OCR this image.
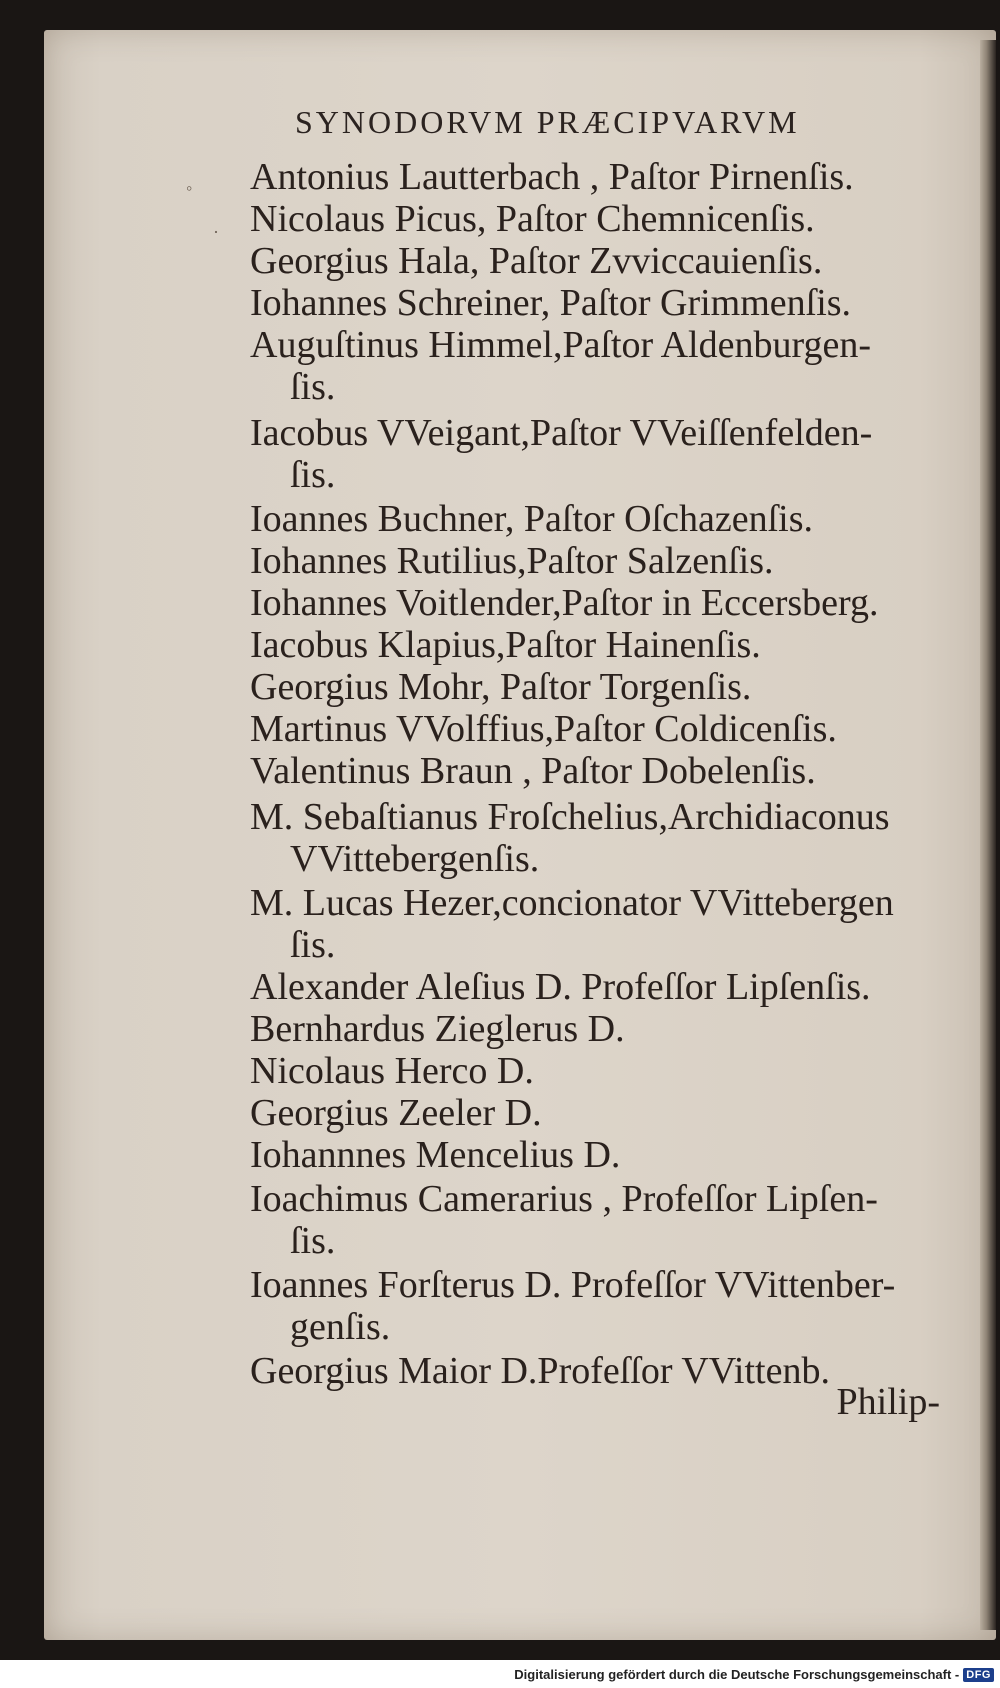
◦
·
SYNODORVM PRÆCIPVARVM
Antonius Lautterbach , Paſtor Pirnenſis.
Nicolaus Picus, Paſtor Chemnicenſis.
Georgius Hala, Paſtor Zvviccauienſis.
Iohannes Schreiner, Paſtor Grimmenſis.
Auguſtinus Himmel,Paſtor Aldenburgen-
ſis.
Iacobus VVeigant,Paſtor VVeiſſenfelden-
ſis.
Ioannes Buchner, Paſtor Oſchazenſis.
Iohannes Rutilius,Paſtor Salzenſis.
Iohannes Voitlender,Paſtor in Eccersberg.
Iacobus Klapius,Paſtor Hainenſis.
Georgius Mohr, Paſtor Torgenſis.
Martinus VVolffius,Paſtor Coldicenſis.
Valentinus Braun , Paſtor Dobelenſis.
M. Sebaſtianus Froſchelius,Archidiaconus
VVittebergenſis.
M. Lucas Hezer,concionator VVittebergen
ſis.
Alexander Aleſius D. Profeſſor Lipſenſis.
Bernhardus Zieglerus D.
Nicolaus Herco D.
Georgius Zeeler D.
Iohannnes Mencelius D.
Ioachimus Camerarius , Profeſſor Lipſen-
ſis.
Ioannes Forſterus D. Profeſſor VVittenber-
genſis.
Georgius Maior D.Profeſſor VVittenb.
Philip-
Digitalisierung gefördert durch die Deutsche Forschungsgemeinschaft - DFG
